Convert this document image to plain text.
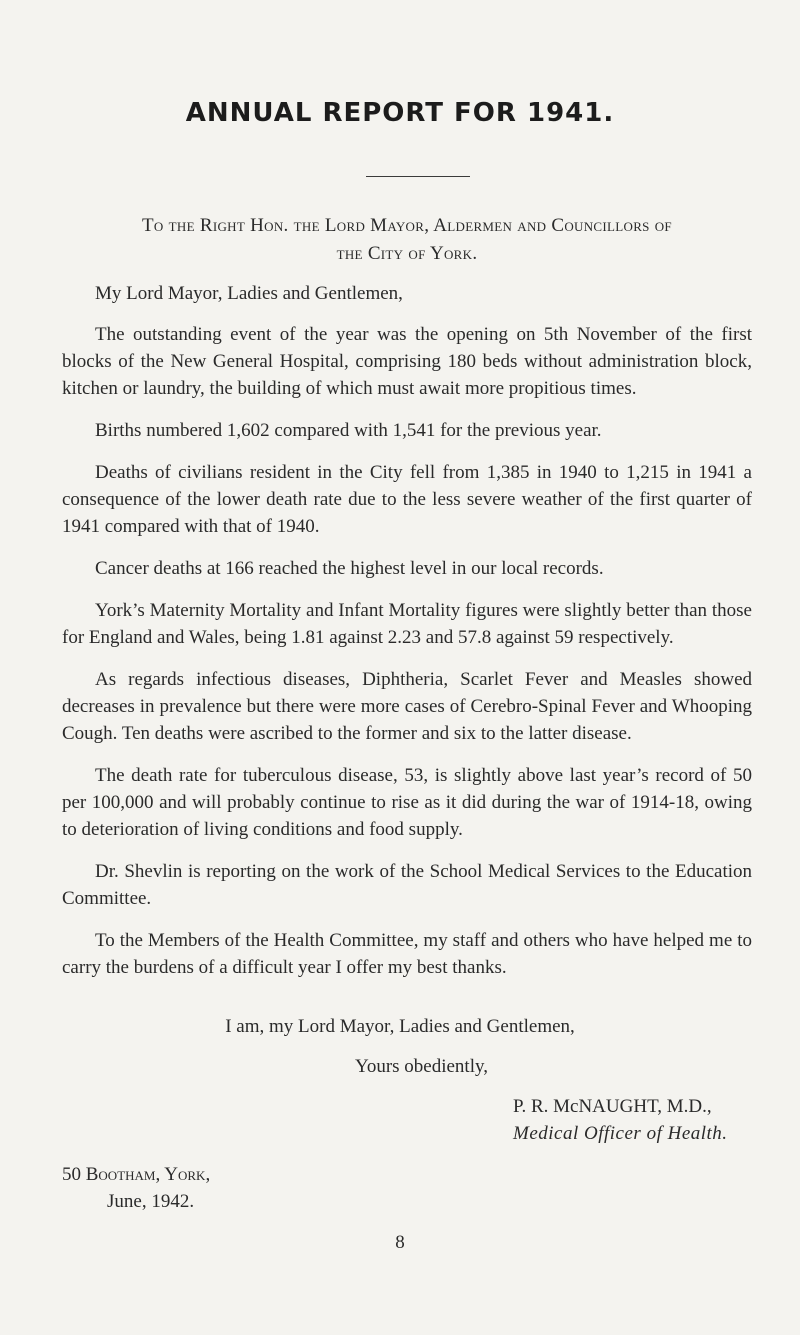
ANNUAL REPORT FOR 1941.
To the Right Hon. the Lord Mayor, Aldermen and Councillors of
the City of York.

My Lord Mayor, Ladies and Gentlemen,

The outstanding event of the year was the opening on 5th November of the first blocks of the New General Hospital, comprising 180 beds without administration block, kitchen or laundry, the building of which must await more propitious times.

Births numbered 1,602 compared with 1,541 for the previous year.

Deaths of civilians resident in the City fell from 1,385 in 1940 to 1,215 in 1941 a consequence of the lower death rate due to the less severe weather of the first quarter of 1941 compared with that of 1940.

Cancer deaths at 166 reached the highest level in our local records.

York’s Maternity Mortality and Infant Mortality figures were slightly better than those for England and Wales, being 1.81 against 2.23 and 57.8 against 59 respectively.

As regards infectious diseases, Diphtheria, Scarlet Fever and Measles showed decreases in prevalence but there were more cases of Cerebro-Spinal Fever and Whooping Cough. Ten deaths were ascribed to the former and six to the latter disease.

The death rate for tuberculous disease, 53, is slightly above last year’s record of 50 per 100,000 and will probably continue to rise as it did during the war of 1914-18, owing to deterioration of living conditions and food supply.

Dr. Shevlin is reporting on the work of the School Medical Services to the Education Committee.

To the Members of the Health Committee, my staff and others who have helped me to carry the burdens of a difficult year I offer my best thanks.

I am, my Lord Mayor, Ladies and Gentlemen,
Yours obediently,
P. R. McNAUGHT, M.D.,
Medical Officer of Health.
50 Bootham, York,
June, 1942.
8
